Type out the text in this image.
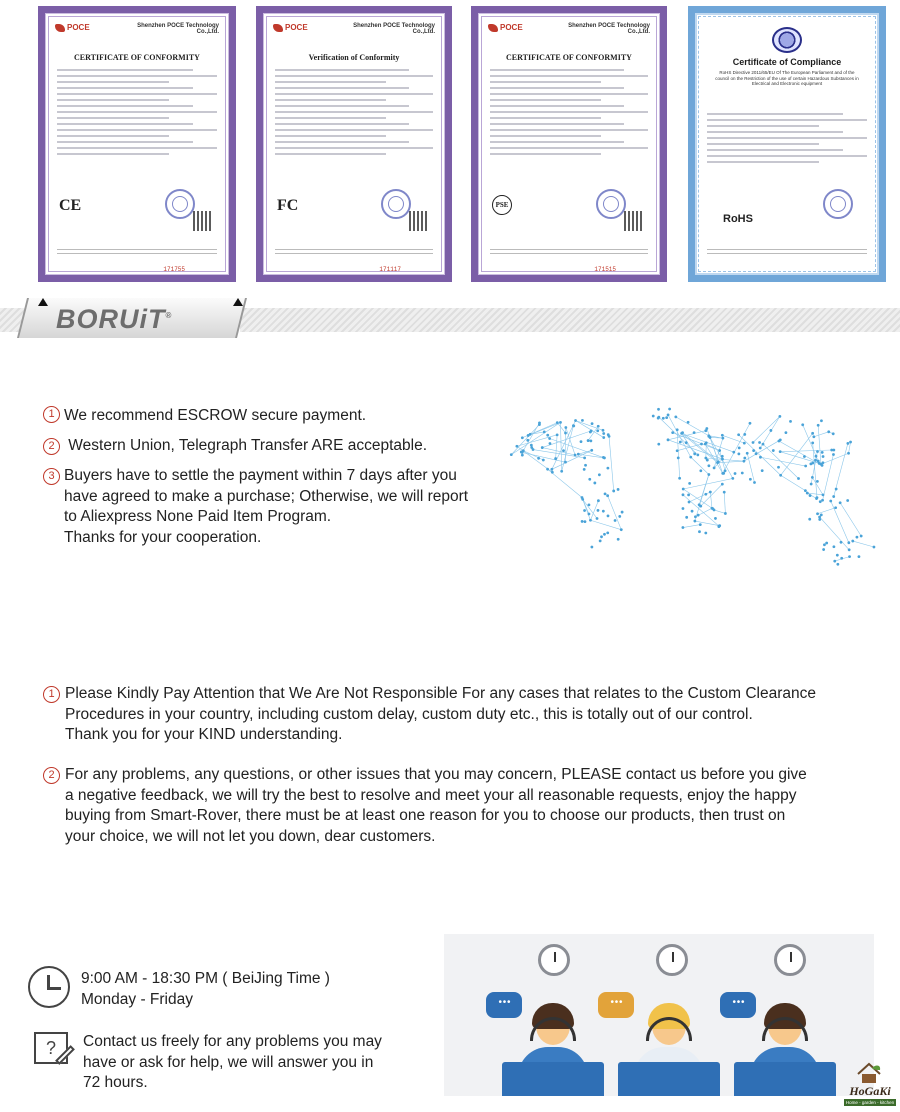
POCE	Shenzhen POCE Technology Co.,Ltd.
CERTIFICATE OF CONFORMITY
CE
171755
POCE	Shenzhen POCE Technology Co.,Ltd.
Verification of Conformity
FC
171117
POCE	Shenzhen POCE Technology Co.,Ltd.
CERTIFICATE OF CONFORMITY
PSE
171515
Certificate of Compliance
RoHS Directive 2011/65/EU Of The European Parliament and of the council on the Restriction of the use of certain Hazardous Substances in Electrical and Electronic equipment
RoHS
BORUiT®
1 We recommend ESCROW secure payment.
2 Western Union, Telegraph Transfer ARE acceptable.
3 Buyers have to settle the payment within 7 days after you
have agreed to make a purchase; Otherwise, we will report
to Aliexpress None Paid Item Program.
Thanks for your cooperation.
1 Please Kindly Pay Attention that We Are Not Responsible For any cases that relates to the Custom Clearance
Procedures in your country, including custom delay, custom duty etc., this is totally out of our control.
Thank you for your KIND understanding.
2 For any problems, any questions, or other issues that you may concern, PLEASE contact us before you give
a negative feedback, we will try the best to resolve and meet your all reasonable requests, enjoy the happy
buying from Smart-Rover, there must be at least one reason for you to choose our products, then trust on
your choice, we will not let you down, dear customers.
9:00 AM - 18:30 PM ( BeiJing Time )
Monday - Friday
?	Contact us freely for any problems you may
have or ask for help, we will answer you in
72 hours.
• • •
• • •
• • •	HoGaKi
Home - garden - kitchen
